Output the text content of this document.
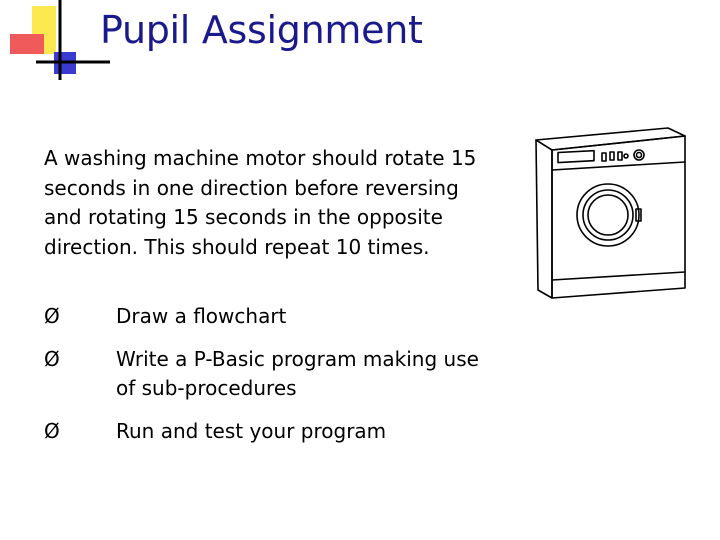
Pupil Assignment
A washing machine motor should rotate 15 seconds in one direction before reversing and rotating 15 seconds in the opposite direction. This should repeat 10 times.
Ø	Draw a flowchart
Ø	Write a P-Basic program making use of sub-procedures
Ø	Run and test your program
